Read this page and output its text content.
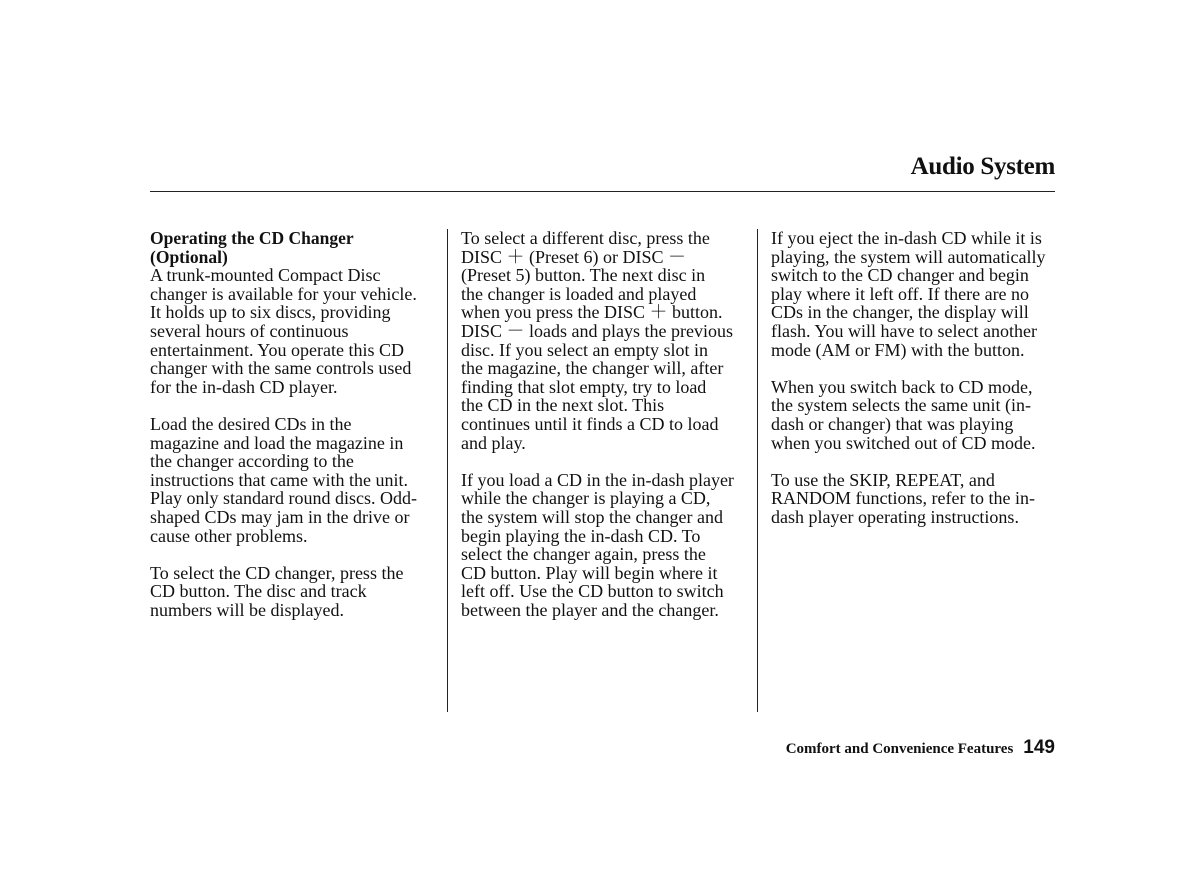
Audio System

Operating the CD Changer

(Optional)

A trunk-mounted Compact Disc

changer is available for your vehicle.

It holds up to six discs, providing

several hours of continuous

entertainment. You operate this CD

changer with the same controls used

for the in-dash CD player.

Load the desired CDs in the

magazine and load the magazine in

the changer according to the

instructions that came with the unit.

Play only standard round discs. Odd-

shaped CDs may jam in the drive or

cause other problems.

To select the CD changer, press the

CD button. The disc and track

numbers will be displayed.

To select a different disc, press the

DISC ＋ (Preset 6) or DISC －

(Preset 5) button. The next disc in

the changer is loaded and played

when you press the DISC ＋ button.

DISC － loads and plays the previous

disc. If you select an empty slot in

the magazine, the changer will, after

finding that slot empty, try to load

the CD in the next slot. This

continues until it finds a CD to load

and play.

If you load a CD in the in-dash player

while the changer is playing a CD,

the system will stop the changer and

begin playing the in-dash CD. To

select the changer again, press the

CD button. Play will begin where it

left off. Use the CD button to switch

between the player and the changer.

If you eject the in-dash CD while it is

playing, the system will automatically

switch to the CD changer and begin

play where it left off. If there are no

CDs in the changer, the display will

flash. You will have to select another

mode (AM or FM) with the button.

When you switch back to CD mode,

the system selects the same unit (in-

dash or changer) that was playing

when you switched out of CD mode.

To use the SKIP, REPEAT, and

RANDOM functions, refer to the in-

dash player operating instructions.

Comfort and Convenience Features 149
